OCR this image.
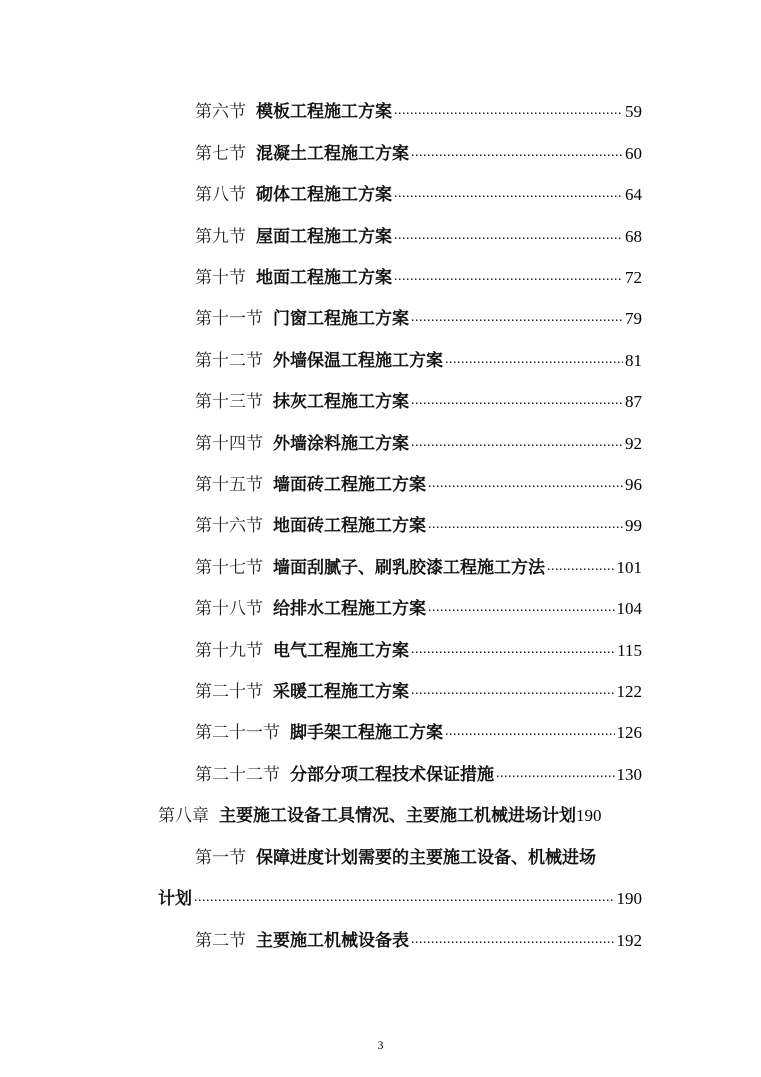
第六节 模板工程施工方案 .....	59
第七节 混凝土工程施工方案 .....	60
第八节 砌体工程施工方案 .....	64
第九节 屋面工程施工方案 .....	68
第十节 地面工程施工方案 .....	72
第十一节 门窗工程施工方案 .....	79
第十二节 外墙保温工程施工方案 .....	81
第十三节 抹灰工程施工方案 .....	87
第十四节 外墙涂料施工方案 .....	92
第十五节 墙面砖工程施工方案 .....	96
第十六节 地面砖工程施工方案 .....	99
第十七节 墙面刮腻子、刷乳胶漆工程施工方法 .....	101
第十八节 给排水工程施工方案 .....	104
第十九节 电气工程施工方案 .....	115
第二十节 采暖工程施工方案 .....	122
第二十一节 脚手架工程施工方案 .....	126
第二十二节 分部分项工程技术保证措施 .....	130
第八章 主要施工设备工具情况、主要施工机械进场计划 190
第一节 保障进度计划需要的主要施工设备、机械进场
计划 .....	190
第二节 主要施工机械设备表 .....	192
3
